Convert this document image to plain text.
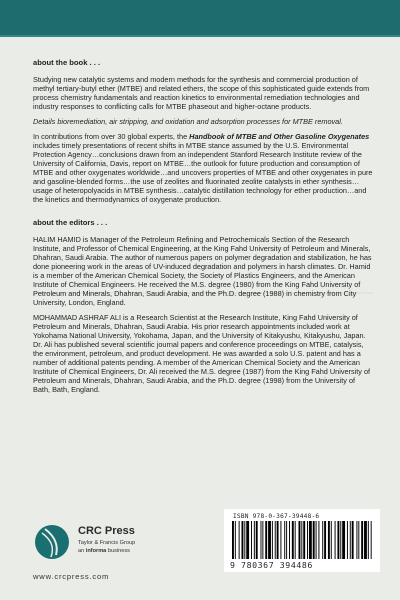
about the book . . .

Studying new catalytic systems and modern methods for the synthesis and commercial production of methyl tertiary-butyl ether (MTBE) and related ethers, the scope of this sophisticated guide extends from process chemistry fundamentals and reaction kinetics to environmental remediation technologies and industry responses to conflicting calls for MTBE phaseout and higher-octane products.

Details bioremediation, air stripping, and oxidation and adsorption processes for MTBE removal.

In contributions from over 30 global experts, the Handbook of MTBE and Other Gasoline Oxygenates includes timely presentations of recent shifts in MTBE stance assumed by the U.S. Environmental Protection Agency…conclusions drawn from an independent Stanford Research Institute review of the University of California, Davis, report on MTBE…the outlook for future production and consumption of MTBE and other oxygenates worldwide…and uncovers properties of MTBE and other oxygenates in pure and gasoline-blended forms…the use of zeolites and fluorinated zeolite catalysts in ether synthesis…usage of heteropolyacids in MTBE synthesis…catalytic distillation technology for ether production…and the kinetics and thermodynamics of oxygenate production.

about the editors . . .

HALIM HAMID is Manager of the Petroleum Refining and Petrochemicals Section of the Research Institute, and Professor of Chemical Engineering, at the King Fahd University of Petroleum and Minerals, Dhahran, Saudi Arabia. The author of numerous papers on polymer degradation and stabilization, he has done pioneering work in the areas of UV-induced degradation and polymers in harsh climates. Dr. Hamid is a member of the American Chemical Society, the Society of Plastics Engineers, and the American Institute of Chemical Engineers. He received the M.S. degree (1980) from the King Fahd University of Petroleum and Minerals, Dhahran, Saudi Arabia, and the Ph.D. degree (1988) in chemistry from City University, London, England.

MOHAMMAD ASHRAF ALI is a Research Scientist at the Research Institute, King Fahd University of Petroleum and Minerals, Dhahran, Saudi Arabia. His prior research appointments included work at Yokohama National University, Yokohama, Japan, and the University of Kitakyushu, Kitakyushu, Japan. Dr. Ali has published several scientific journal papers and conference proceedings on MTBE, catalysis, the environment, petroleum, and product development. He was awarded a solo U.S. patent and has a number of additional patents pending. A member of the American Chemical Society and the American Institute of Chemical Engineers, Dr. Ali received the M.S. degree (1987) from the King Fahd University of Petroleum and Minerals, Dhahran, Saudi Arabia, and the Ph.D. degree (1998) from the University of Bath, Bath, England.

CRC Press
Taylor & Francis Group
an informa business
www.crcpress.com
ISBN 978-0-367-39448-6
9 780367 394486
